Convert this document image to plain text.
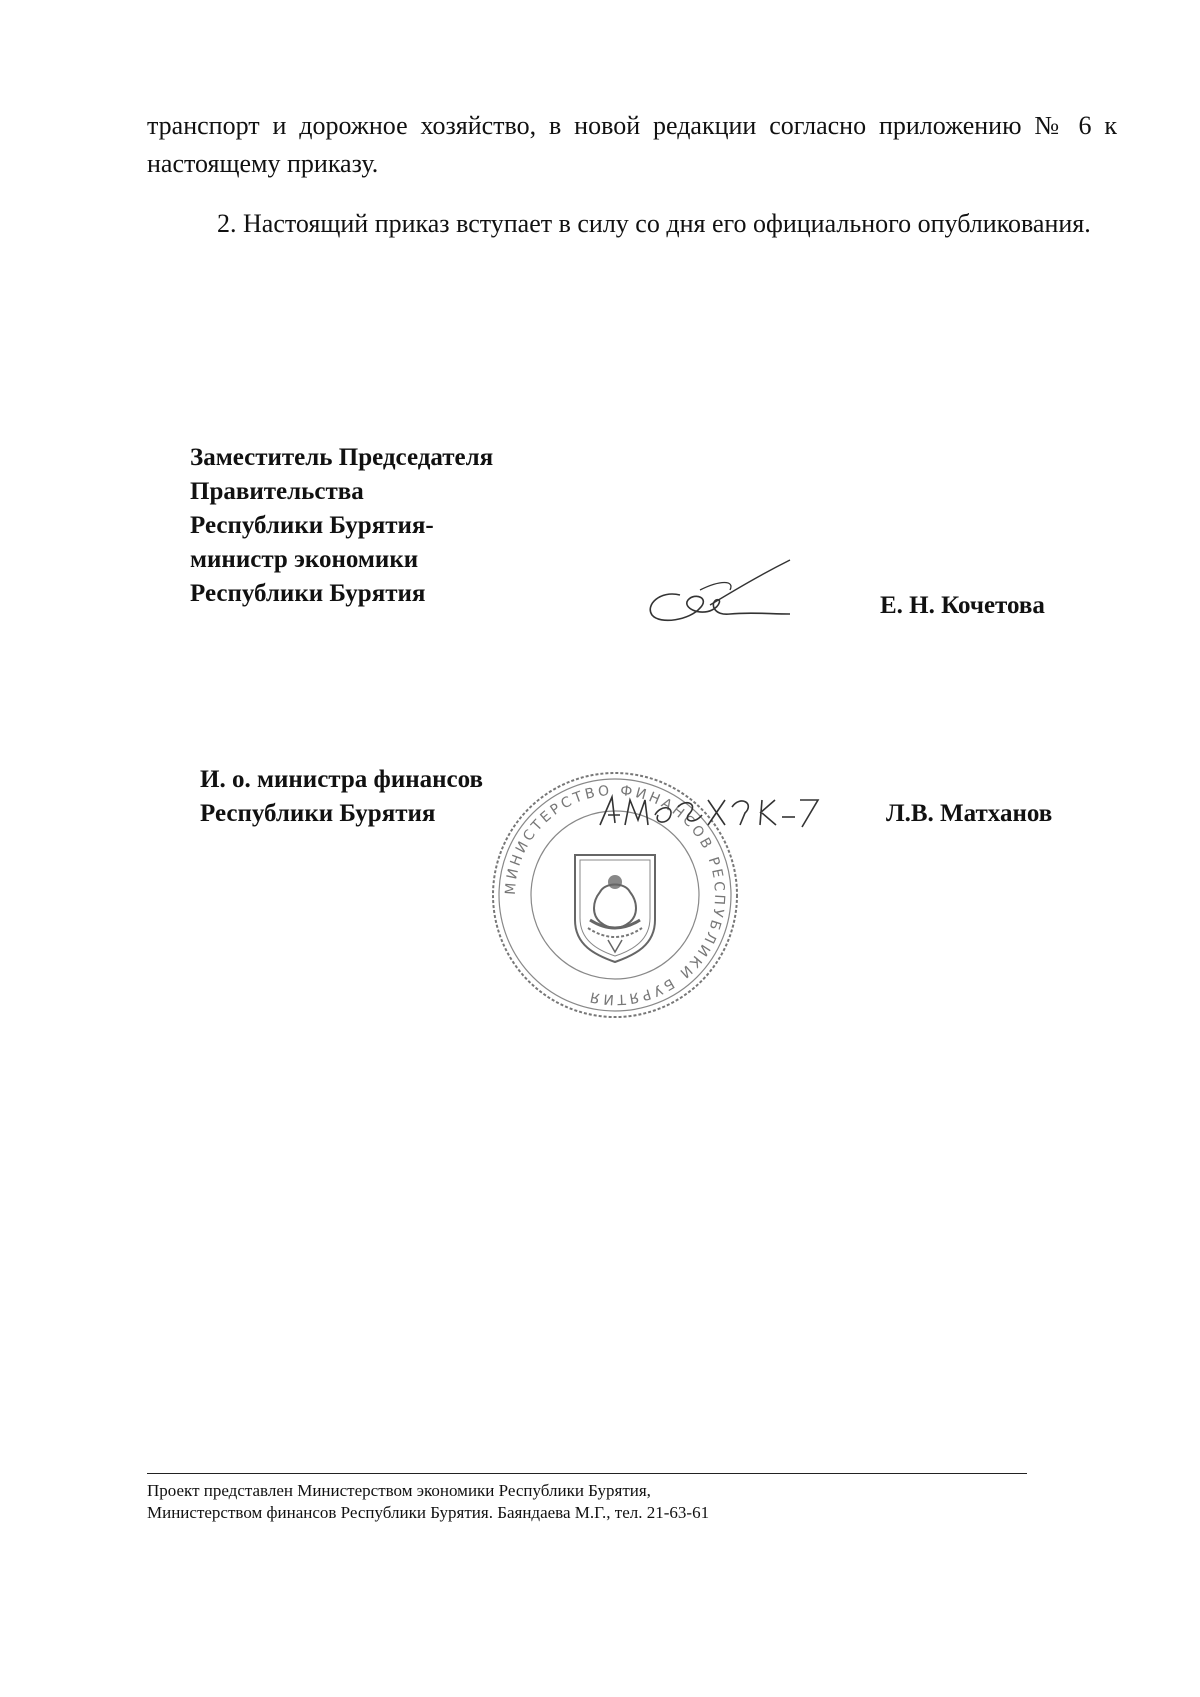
транспорт и дорожное хозяйство, в новой редакции согласно приложению № 6 к настоящему приказу.

2. Настоящий приказ вступает в силу со дня его официального опубликования.

Заместитель Председателя
Правительства
Республики Бурятия-
министр экономики
Республики Бурятия	Е. Н. Кочетова
И. о. министра финансов
Республики Бурятия
МИНИСТЕРСТВО ФИНАНСОВ РЕСПУБЛИКИ БУРЯТИЯ
Л.В. Матханов

Проект представлен Министерством экономики Республики Бурятия,
Министерством финансов Республики Бурятия. Баяндаева М.Г., тел. 21-63-61
